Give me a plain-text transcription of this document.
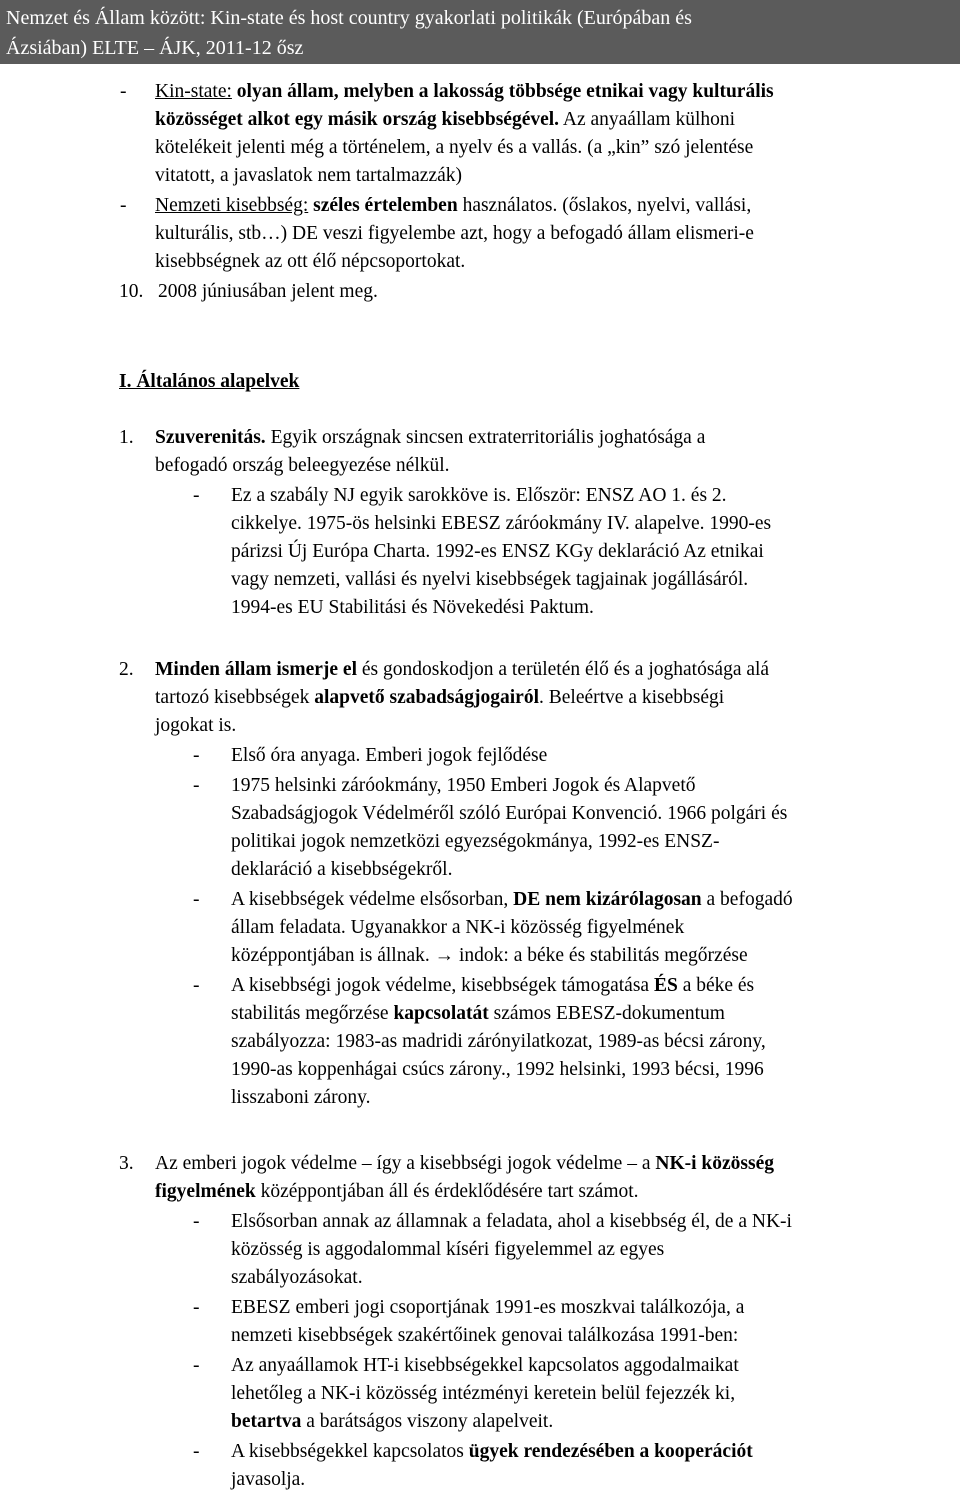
Nemzet és Állam között: Kin-state és host country gyakorlati politikák (Európában és
Ázsiában) ELTE – ÁJK, 2011-12 ősz
- Kin-state: olyan állam, melyben a lakosság többsége etnikai vagy kulturális
közösséget alkot egy másik ország kisebbségével. Az anyaállam külhoni
kötelékeit jelenti még a történelem, a nyelv és a vallás. (a „kin” szó jelentése
vitatott, a javaslatok nem tartalmazzák)
- Nemzeti kisebbség: széles értelemben használatos. (őslakos, nyelvi, vallási,
kulturális, stb…) DE veszi figyelembe azt, hogy a befogadó állam elismeri-e
kisebbségnek az ott élő népcsoportokat.
10. 2008 júniusában jelent meg.
I. Általános alapelvek
1. Szuverenitás. Egyik országnak sincsen extraterritoriális joghatósága a
befogadó ország beleegyezése nélkül.
- Ez a szabály NJ egyik sarokköve is. Először: ENSZ AO 1. és 2.
cikkelye. 1975-ös helsinki EBESZ záróokmány IV. alapelve. 1990-es
párizsi Új Európa Charta. 1992-es ENSZ KGy deklaráció Az etnikai
vagy nemzeti, vallási és nyelvi kisebbségek tagjainak jogállásáról.
1994-es EU Stabilitási és Növekedési Paktum.
2. Minden állam ismerje el és gondoskodjon a területén élő és a joghatósága alá
tartozó kisebbségek alapvető szabadságjogairól. Beleértve a kisebbségi
jogokat is.
- Első óra anyaga. Emberi jogok fejlődése
- 1975 helsinki záróokmány, 1950 Emberi Jogok és Alapvető
Szabadságjogok Védelméről szóló Európai Konvenció. 1966 polgári és
politikai jogok nemzetközi egyezségokmánya, 1992-es ENSZ-
deklaráció a kisebbségekről.
- A kisebbségek védelme elsősorban, DE nem kizárólagosan a befogadó
állam feladata. Ugyanakkor a NK-i közösség figyelmének
középpontjában is állnak. → indok: a béke és stabilitás megőrzése
- A kisebbségi jogok védelme, kisebbségek támogatása ÉS a béke és
stabilitás megőrzése kapcsolatát számos EBESZ-dokumentum
szabályozza: 1983-as madridi zárónyilatkozat, 1989-as bécsi zárony,
1990-as koppenhágai csúcs zárony., 1992 helsinki, 1993 bécsi, 1996
lisszaboni zárony.
3. Az emberi jogok védelme – így a kisebbségi jogok védelme – a NK-i közösség
figyelmének középpontjában áll és érdeklődésére tart számot.
- Elsősorban annak az államnak a feladata, ahol a kisebbség él, de a NK-i
közösség is aggodalommal kíséri figyelemmel az egyes
szabályozásokat.
- EBESZ emberi jogi csoportjának 1991-es moszkvai találkozója, a
nemzeti kisebbségek szakértőinek genovai találkozása 1991-ben:
- Az anyaállamok HT-i kisebbségekkel kapcsolatos aggodalmaikat
lehetőleg a NK-i közösség intézményi keretein belül fejezzék ki,
betartva a barátságos viszony alapelveit.
- A kisebbségekkel kapcsolatos ügyek rendezésében a kooperációt
javasolja.
